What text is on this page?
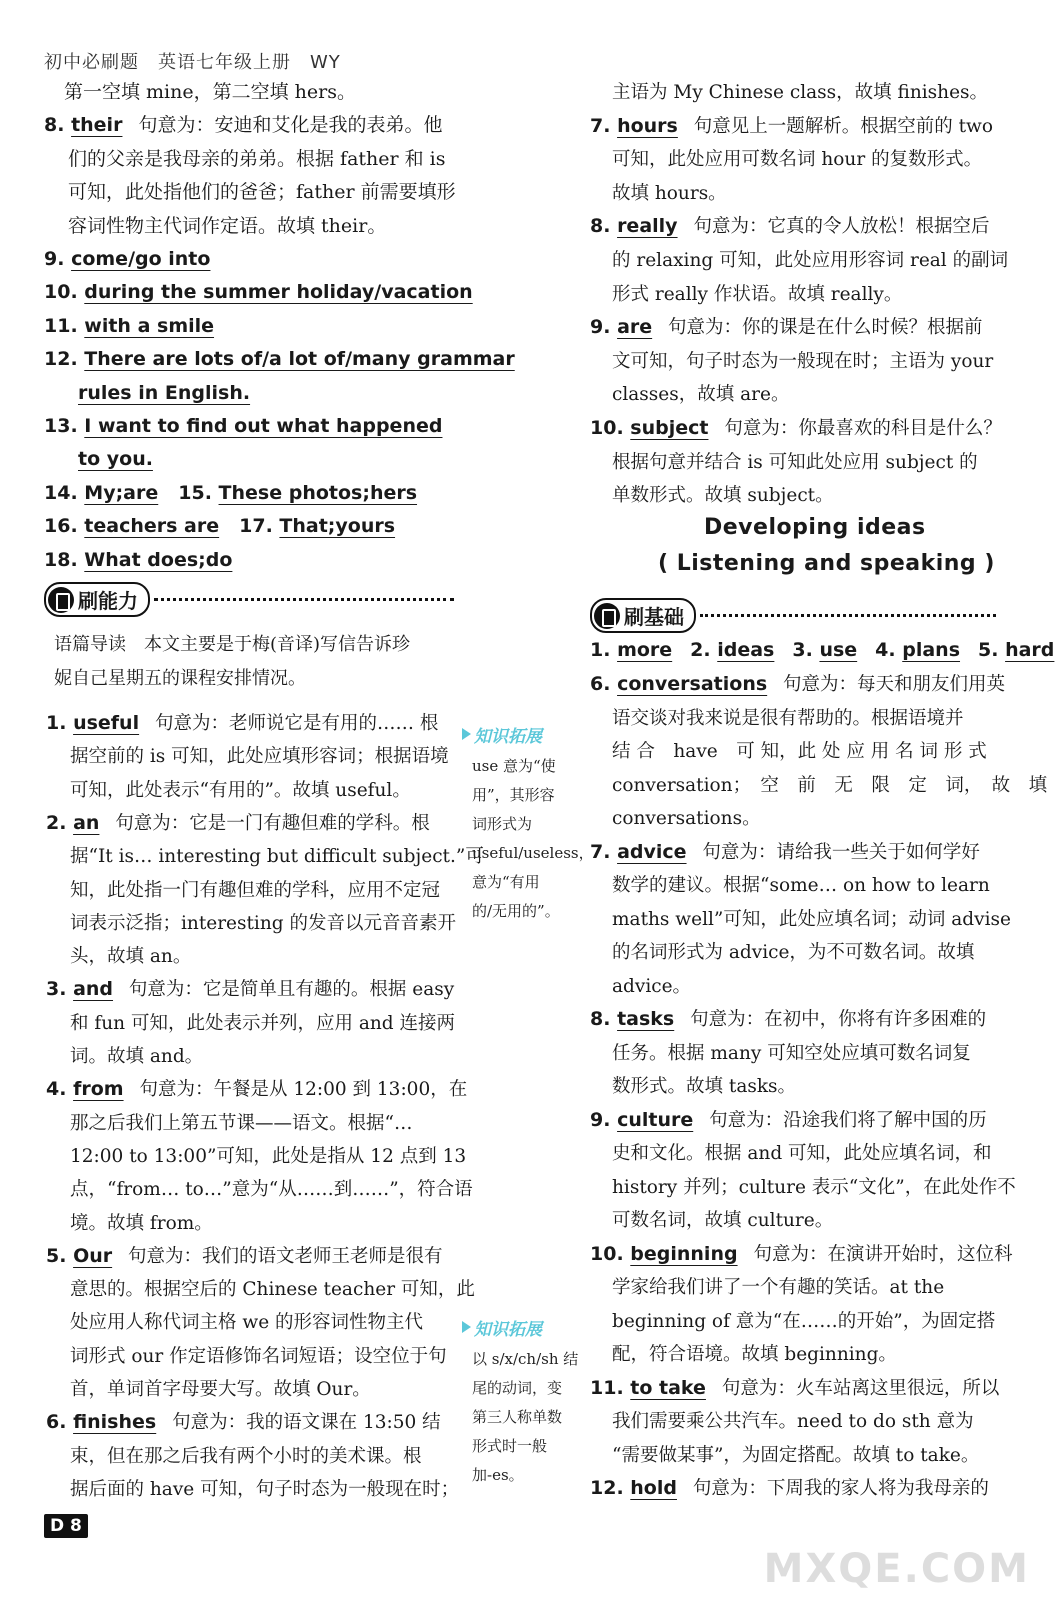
初中必刷题　英语七年级上册　WY
第一空填 mine，第二空填 hers。
8. their 句意为：安迪和艾化是我的表弟。他
们的父亲是我母亲的弟弟。根据 father 和 is
可知，此处指他们的爸爸；father 前需要填形
容词性物主代词作定语。故填 their。
9. come/go into
10. during the summer holiday/vacation
11. with a smile
12. There are lots of/a lot of/many grammar
rules in English.
13. I want to find out what happened
to you.
14. My;are 15. These photos;hers
16. teachers are 17. That;yours
18. What does;do
刷能力
语篇导读　本文主要是于梅(音译)写信告诉珍
妮自己星期五的课程安排情况。
1. useful 句意为：老师说它是有用的…… 根
据空前的 is 可知，此处应填形容词；根据语境
可知，此处表示“有用的”。故填 useful。
2. an 句意为：它是一门有趣但难的学科。根
据“It is… interesting but difficult subject.”可
知，此处指一门有趣但难的学科，应用不定冠
词表示泛指；interesting 的发音以元音音素开
头，故填 an。
3. and 句意为：它是简单且有趣的。根据 easy
和 fun 可知，此处表示并列，应用 and 连接两
词。故填 and。
4. from 句意为：午餐是从 12:00 到 13:00，在
那之后我们上第五节课——语文。根据“…
12:00 to 13:00”可知，此处是指从 12 点到 13
点，“from… to…”意为“从……到……”，符合语
境。故填 from。
5. Our 句意为：我们的语文老师王老师是很有
意思的。根据空后的 Chinese teacher 可知，此
处应用人称代词主格 we 的形容词性物主代
词形式 our 作定语修饰名词短语；设空位于句
首，单词首字母要大写。故填 Our。
6. finishes 句意为：我的语文课在 13:50 结
束，但在那之后我有两个小时的美术课。根
据后面的 have 可知，句子时态为一般现在时；
知识拓展
use 意为“使
用”，其形容
词形式为
useful/useless，
意为“有用
的/无用的”。
知识拓展
以 s/x/ch/sh 结
尾的动词，变
第三人称单数
形式时一般
加-es。
主语为 My Chinese class，故填 finishes。
7. hours 句意见上一题解析。根据空前的 two
可知，此处应用可数名词 hour 的复数形式。
故填 hours。
8. really 句意为：它真的令人放松！根据空后
的 relaxing 可知，此处应用形容词 real 的副词
形式 really 作状语。故填 really。
9. are 句意为：你的课是在什么时候？根据前
文可知，句子时态为一般现在时；主语为 your
classes，故填 are。
10. subject 句意为：你最喜欢的科目是什么？
根据句意并结合 is 可知此处应用 subject 的
单数形式。故填 subject。
Developing ideas
( Listening and speaking )
刷基础
1. more 2. ideas 3. use 4. plans 5. hard
6. conversations 句意为：每天和朋友们用英
语交谈对我来说是很有帮助的。根据语境并
结 合　have　可 知，此 处 应 用 名 词 形 式
conversation；　空　前　无　限　定　词，　故　填
conversations。
7. advice 句意为：请给我一些关于如何学好
数学的建议。根据“some… on how to learn
maths well”可知，此处应填名词；动词 advise
的名词形式为 advice，为不可数名词。故填
advice。
8. tasks 句意为：在初中，你将有许多困难的
任务。根据 many 可知空处应填可数名词复
数形式。故填 tasks。
9. culture 句意为：沿途我们将了解中国的历
史和文化。根据 and 可知，此处应填名词，和
history 并列；culture 表示“文化”，在此处作不
可数名词，故填 culture。
10. beginning 句意为：在演讲开始时，这位科
学家给我们讲了一个有趣的笑话。at the
beginning of 意为“在……的开始”，为固定搭
配，符合语境。故填 beginning。
11. to take 句意为：火车站离这里很远，所以
我们需要乘公共汽车。need to do sth 意为
“需要做某事”，为固定搭配。故填 to take。
12. hold 句意为：下周我的家人将为我母亲的
D 8
MXQE.COM
